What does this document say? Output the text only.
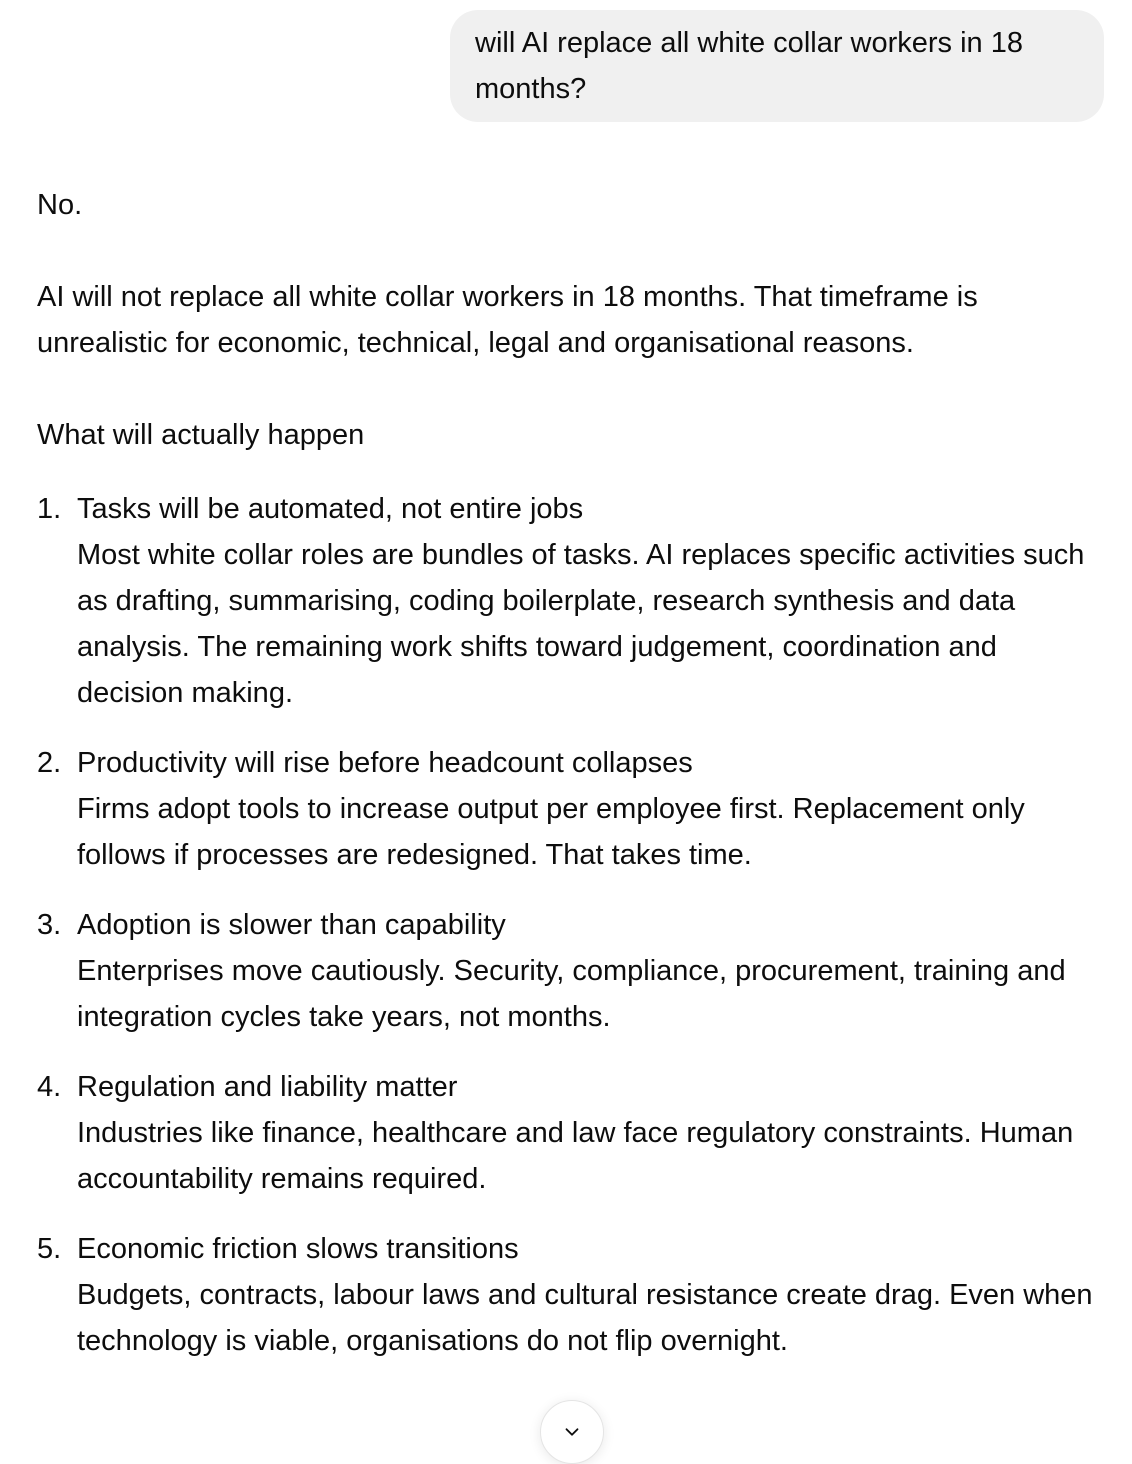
will AI replace all white collar workers in 18 months?

No.

AI will not replace all white collar workers in 18 months. That timeframe is unrealistic for economic, technical, legal and organisational reasons.

What will actually happen

1. Tasks will be automated, not entire jobs
Most white collar roles are bundles of tasks. AI replaces specific activities such as drafting, summarising, coding boilerplate, research synthesis and data analysis. The remaining work shifts toward judgement, coordination and decision making.
2. Productivity will rise before headcount collapses
Firms adopt tools to increase output per employee first. Replacement only follows if processes are redesigned. That takes time.
3. Adoption is slower than capability
Enterprises move cautiously. Security, compliance, procurement, training and integration cycles take years, not months.
4. Regulation and liability matter
Industries like finance, healthcare and law face regulatory constraints. Human accountability remains required.
5. Economic friction slows transitions
Budgets, contracts, labour laws and cultural resistance create drag. Even when technology is viable, organisations do not flip overnight.
